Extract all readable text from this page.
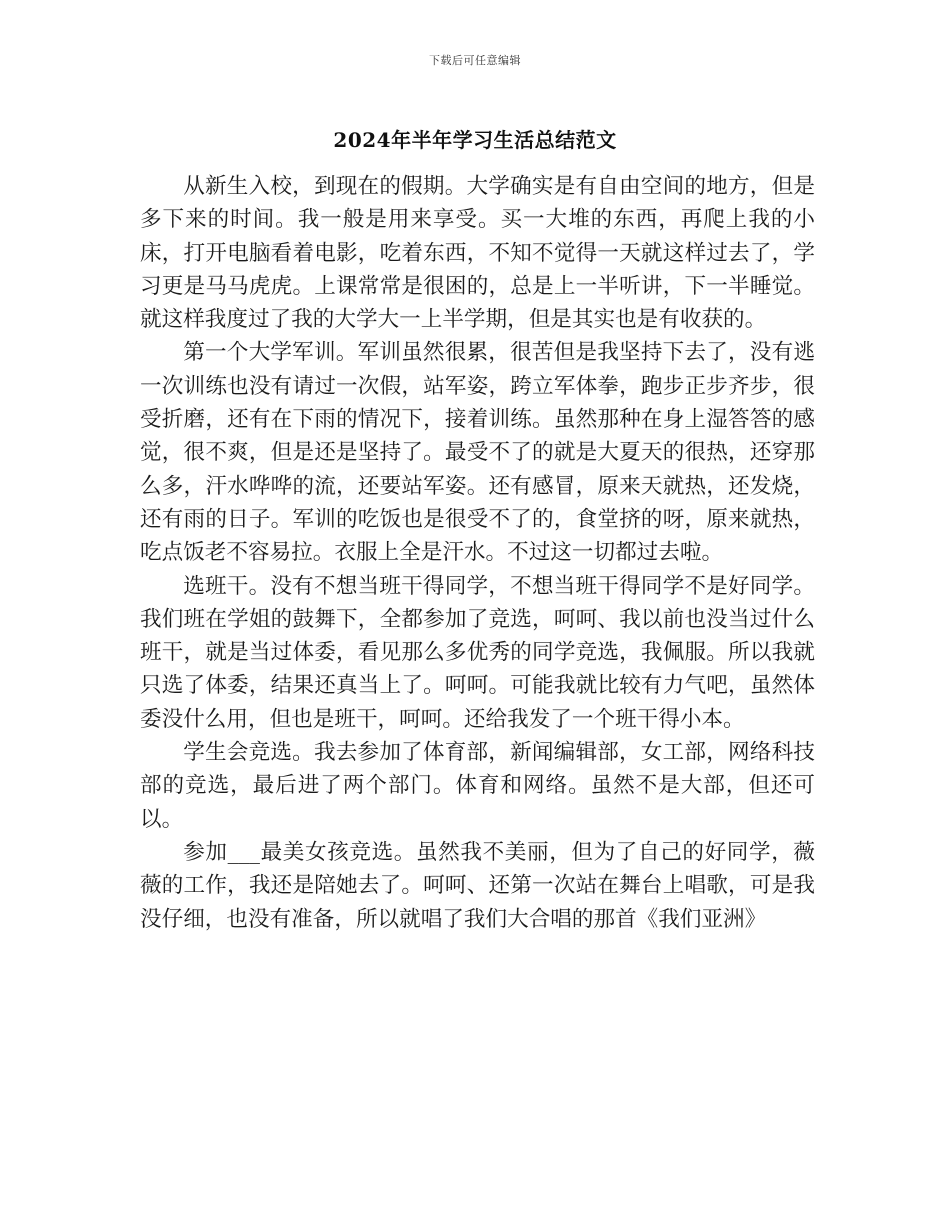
下载后可任意编辑
2024年半年学习生活总结范文

从新生入校，到现在的假期。大学确实是有自由空间的地方，但是多下来的时间。我一般是用来享受。买一大堆的东西，再爬上我的小床，打开电脑看着电影，吃着东西，不知不觉得一天就这样过去了，学习更是马马虎虎。上课常常是很困的，总是上一半听讲，下一半睡觉。就这样我度过了我的大学大一上半学期，但是其实也是有收获的。

第一个大学军训。军训虽然很累，很苦但是我坚持下去了，没有逃一次训练也没有请过一次假，站军姿，跨立军体拳，跑步正步齐步，很受折磨，还有在下雨的情况下，接着训练。虽然那种在身上湿答答的感觉，很不爽，但是还是坚持了。最受不了的就是大夏天的很热，还穿那么多，汗水哗哗的流，还要站军姿。还有感冒，原来天就热，还发烧，还有雨的日子。军训的吃饭也是很受不了的，食堂挤的呀，原来就热，吃点饭老不容易拉。衣服上全是汗水。不过这一切都过去啦。

选班干。没有不想当班干得同学，不想当班干得同学不是好同学。我们班在学姐的鼓舞下，全都参加了竞选，呵呵、我以前也没当过什么班干，就是当过体委，看见那么多优秀的同学竞选，我佩服。所以我就只选了体委，结果还真当上了。呵呵。可能我就比较有力气吧，虽然体委没什么用，但也是班干，呵呵。还给我发了一个班干得小本。

学生会竞选。我去参加了体育部，新闻编辑部，女工部，网络科技部的竞选，最后进了两个部门。体育和网络。虽然不是大部，但还可以。

参加___最美女孩竞选。虽然我不美丽，但为了自己的好同学，薇薇的工作，我还是陪她去了。呵呵、还第一次站在舞台上唱歌，可是我没仔细，也没有准备，所以就唱了我们大合唱的那首《我们亚洲》
